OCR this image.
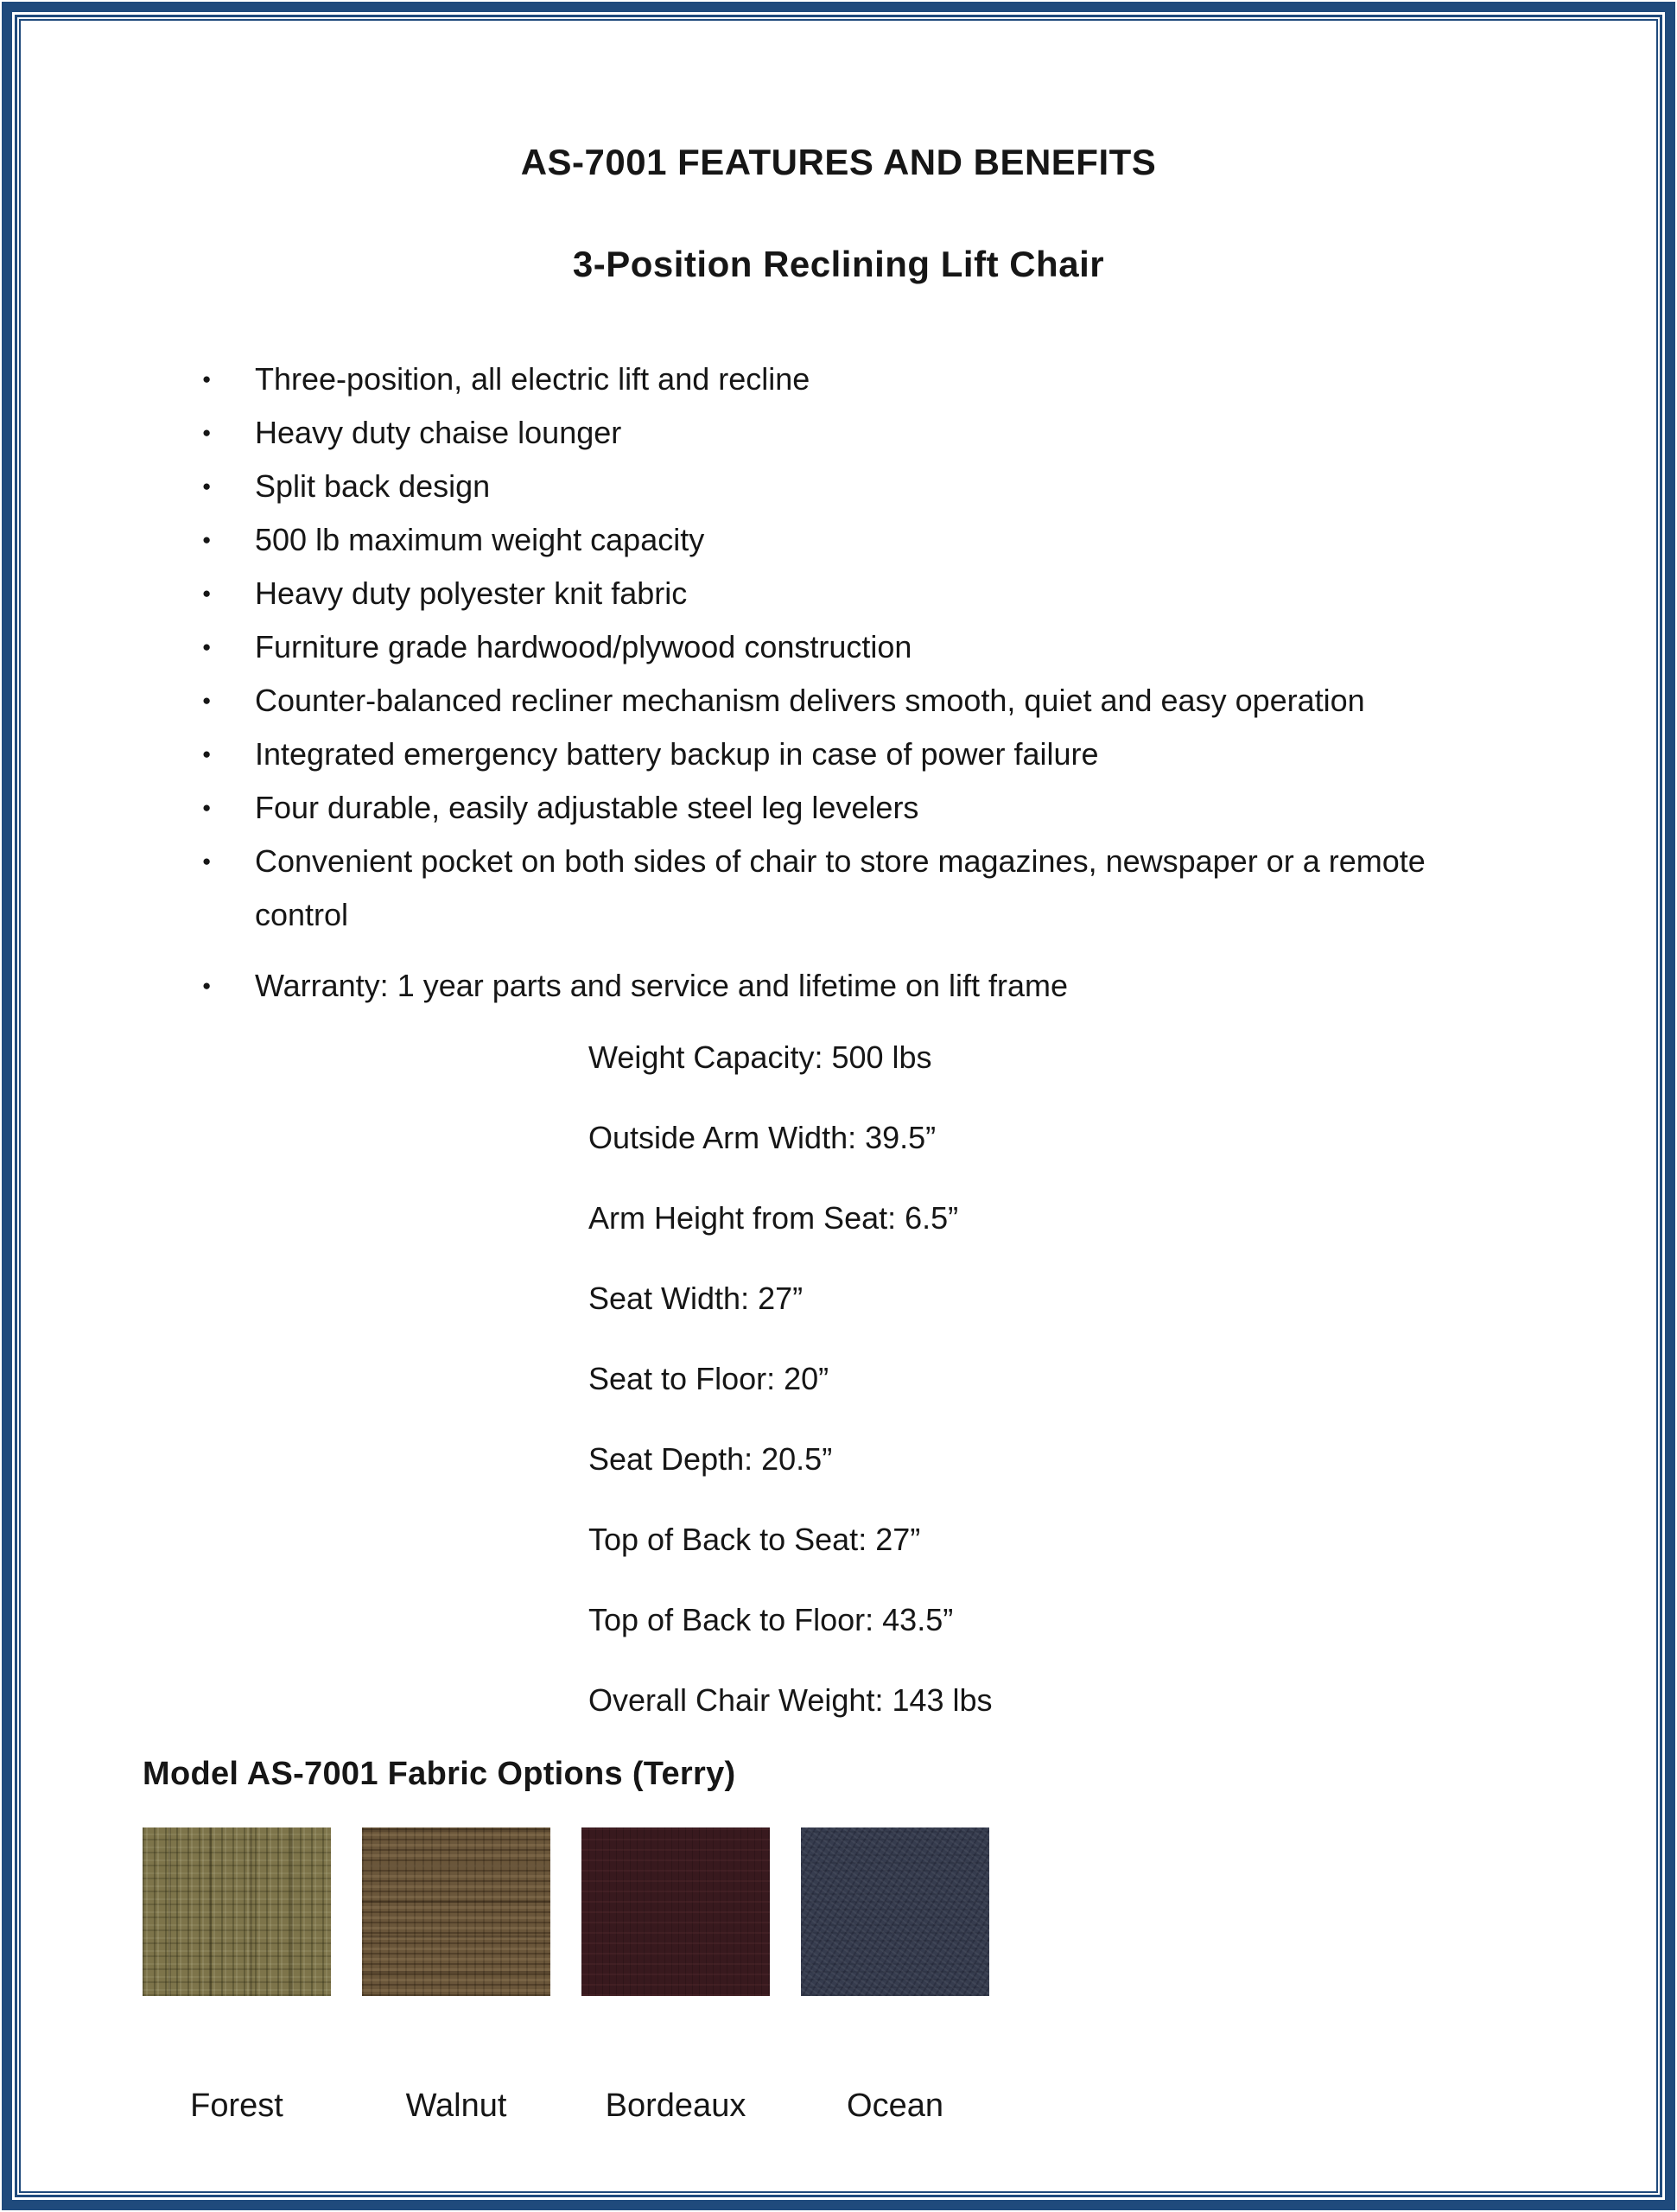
AS-7001 FEATURES AND BENEFITS
3-Position Reclining Lift Chair
● Three-position, all electric lift and recline
● Heavy duty chaise lounger
● Split back design
● 500 lb maximum weight capacity
● Heavy duty polyester knit fabric
● Furniture grade hardwood/plywood construction
● Counter-balanced recliner mechanism delivers smooth, quiet and easy operation
● Integrated emergency battery backup in case of power failure
● Four durable, easily adjustable steel leg levelers
● Convenient pocket on both sides of chair to store magazines, newspaper or a remote control
● Warranty: 1 year parts and service and lifetime on lift frame

Weight Capacity: 500 lbs

Outside Arm Width: 39.5”

Arm Height from Seat: 6.5”

Seat Width: 27”

Seat to Floor: 20”

Seat Depth: 20.5”

Top of Back to Seat: 27”

Top of Back to Floor: 43.5”

Overall Chair Weight: 143 lbs

Model AS-7001 Fabric Options (Terry)
Forest	Walnut	Bordeaux	Ocean
